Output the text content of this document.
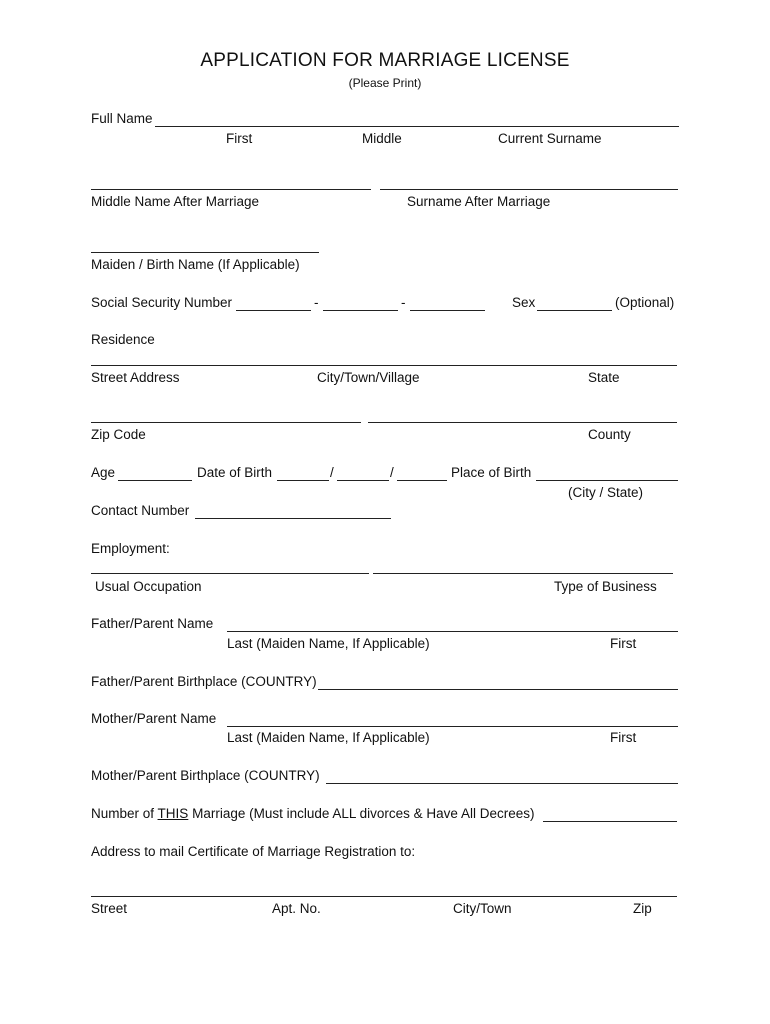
APPLICATION FOR MARRIAGE LICENSE
(Please Print)
Full Name
First	Middle	Current Surname
Middle Name After Marriage	Surname After Marriage
Maiden / Birth Name (If Applicable)
Social Security Number	-	-	Sex	(Optional)
Residence
Street Address	City/Town/Village	State
Zip Code	County
Age	Date of Birth	/	/	Place of Birth
(City / State)
Contact Number
Employment:
Usual Occupation	Type of Business
Father/Parent Name
Last (Maiden Name, If Applicable)	First
Father/Parent Birthplace (COUNTRY)
Mother/Parent Name
Last (Maiden Name, If Applicable)	First
Mother/Parent Birthplace (COUNTRY)
Number of THIS Marriage (Must include ALL divorces & Have All Decrees)
Address to mail Certificate of Marriage Registration to:
Street	Apt. No.	City/Town	Zip
